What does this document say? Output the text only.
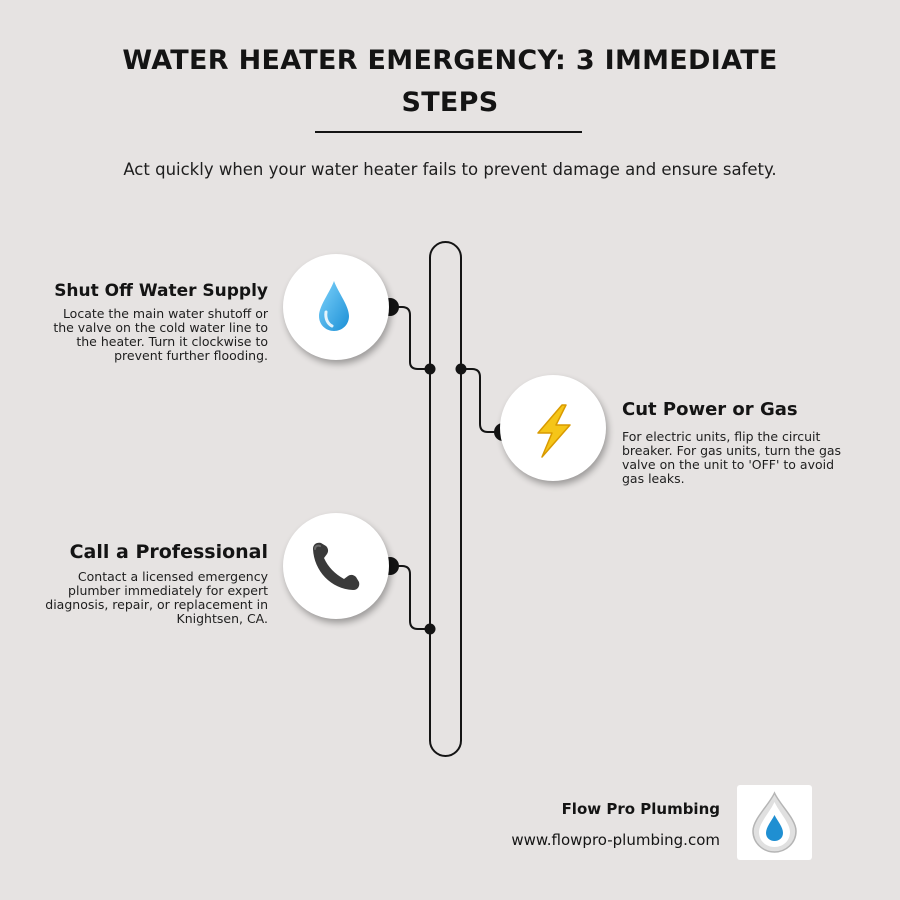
WATER HEATER EMERGENCY: 3 IMMEDIATE STEPS

Act quickly when your water heater fails to prevent damage and ensure safety.

Shut Off Water Supply

Locate the main water shutoff or the valve on the cold water line to the heater. Turn it clockwise to prevent further flooding.

Cut Power or Gas

For electric units, flip the circuit breaker. For gas units, turn the gas valve on the unit to 'OFF' to avoid gas leaks.

Call a Professional

Contact a licensed emergency plumber immediately for expert diagnosis, repair, or replacement in Knightsen, CA.

Flow Pro Plumbing
www.flowpro-plumbing.com
